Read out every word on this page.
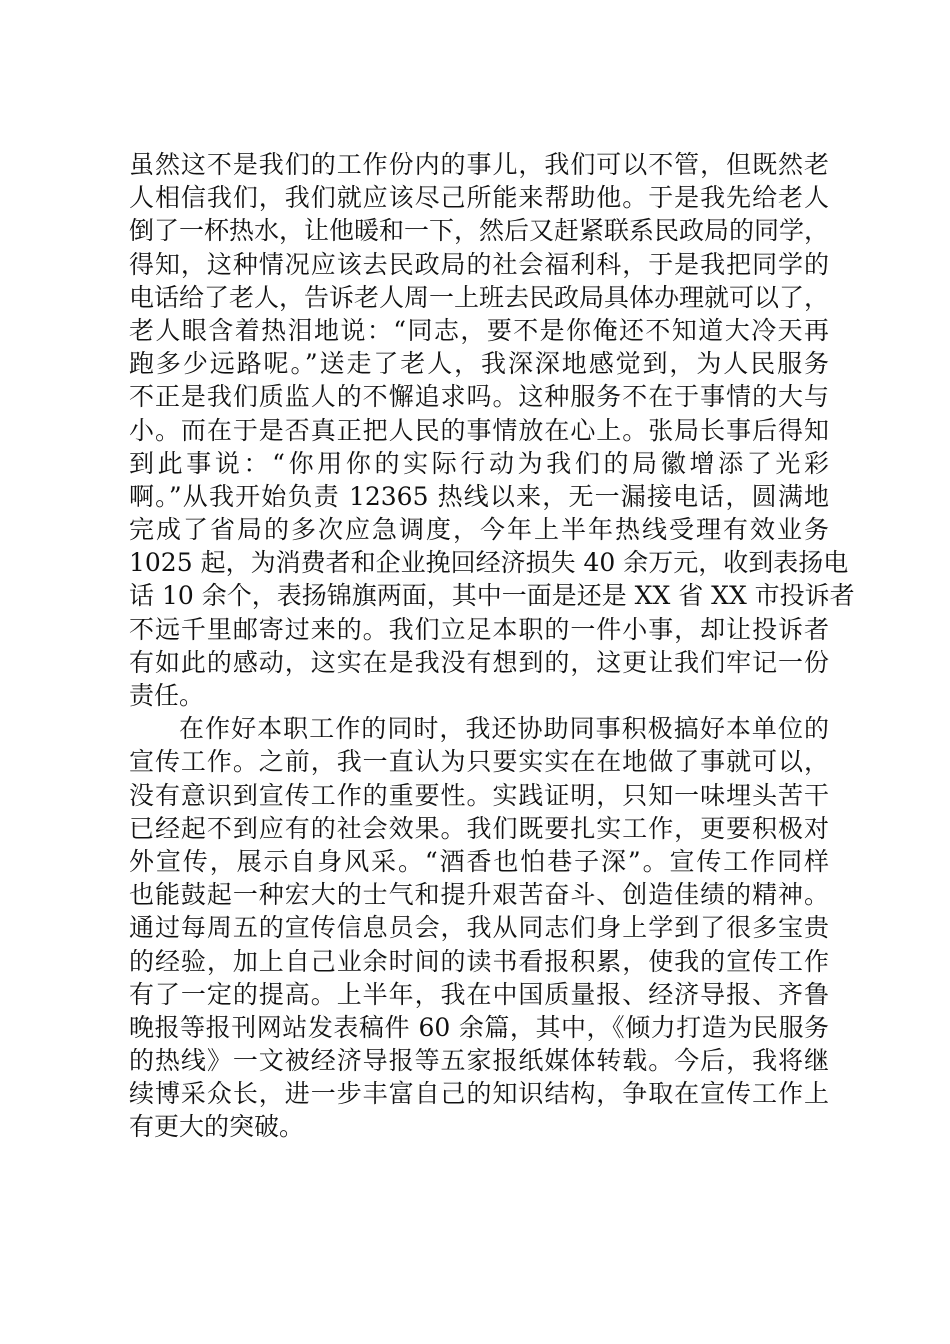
虽然这不是我们的工作份内的事儿，我们可以不管，但既然老
人相信我们，我们就应该尽己所能来帮助他。于是我先给老人
倒了一杯热水，让他暖和一下，然后又赶紧联系民政局的同学，
得知，这种情况应该去民政局的社会福利科，于是我把同学的
电话给了老人，告诉老人周一上班去民政局具体办理就可以了，
老人眼含着热泪地说：“同志，要不是你俺还不知道大冷天再
跑多少远路呢。”送走了老人，我深深地感觉到，为人民服务
不正是我们质监人的不懈追求吗。这种服务不在于事情的大与
小。而在于是否真正把人民的事情放在心上。张局长事后得知
到此事说：“你用你的实际行动为我们的局徽增添了光彩
啊。”从我开始负责 12365 热线以来，无一漏接电话，圆满地
完成了省局的多次应急调度，今年上半年热线受理有效业务
1025 起，为消费者和企业挽回经济损失 40 余万元，收到表扬电
话 10 余个，表扬锦旗两面，其中一面是还是 XX 省 XX 市投诉者
不远千里邮寄过来的。我们立足本职的一件小事，却让投诉者
有如此的感动，这实在是我没有想到的，这更让我们牢记一份
责任。
在作好本职工作的同时，我还协助同事积极搞好本单位的
宣传工作。之前，我一直认为只要实实在在地做了事就可以，
没有意识到宣传工作的重要性。实践证明，只知一味埋头苦干
已经起不到应有的社会效果。我们既要扎实工作，更要积极对
外宣传，展示自身风采。“酒香也怕巷子深”。宣传工作同样
也能鼓起一种宏大的士气和提升艰苦奋斗、创造佳绩的精神。
通过每周五的宣传信息员会，我从同志们身上学到了很多宝贵
的经验，加上自己业余时间的读书看报积累，使我的宣传工作
有了一定的提高。上半年，我在中国质量报、经济导报、齐鲁
晚报等报刊网站发表稿件 60 余篇，其中，《倾力打造为民服务
的热线》一文被经济导报等五家报纸媒体转载。今后，我将继
续博采众长，进一步丰富自己的知识结构，争取在宣传工作上
有更大的突破。
